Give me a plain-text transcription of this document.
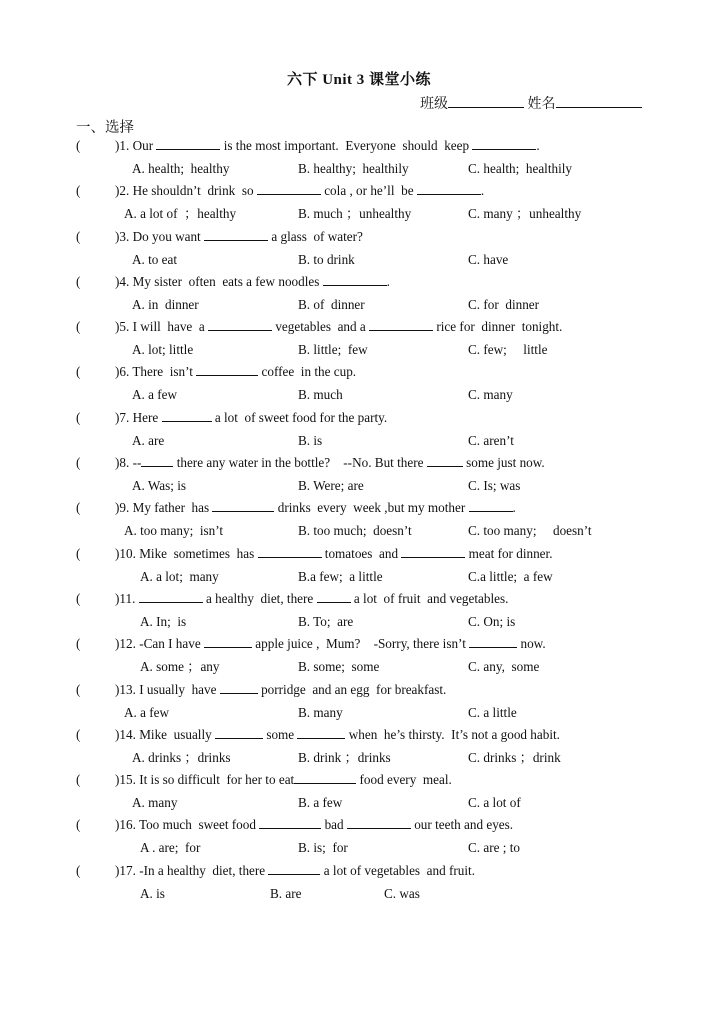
六下 Unit 3 课堂小练
班级	姓名
一、选择
(	)1. Our	is the most important.  Everyone  should  keep	.
A. health;  healthy	B. healthy;  healthily	C. health;  healthily
(	)2. He shouldn’t  drink  so	cola , or he’ll  be	.
A. a lot of  ；healthy	B. much ；unhealthy	C. many ；unhealthy
(	)3. Do you want	a glass  of water?
A. to eat	B. to drink	C. have
(	)4. My sister  often  eats a few noodles	.
A. in  dinner	B. of  dinner	C. for  dinner
(	)5. I will  have  a	vegetables  and a	rice for  dinner  tonight.
A. lot; little	B. little;  few	C. few;     little
(	)6. There  isn’t	coffee  in the cup.
A. a few	B. much	C. many
(	)7. Here	a lot  of sweet food for the party.
A. are	B. is	C. aren’t
(	)8. -- there any water in the bottle?    --No. But there	some just now.
A. Was; is	B. Were; are	C. Is; was
(	)9. My father  has	drinks  every  week ,but my mother	.
A. too many;  isn’t	B. too much;  doesn’t	C. too many;     doesn’t
(	)10. Mike  sometimes  has	tomatoes  and	meat for dinner.
A. a lot;  many	B.a few;  a little	C.a little;  a few
(	)11.	a healthy  diet, there	a lot  of fruit  and vegetables.
A. In;  is	B. To;  are	C. On; is
(	)12. -Can I have	apple juice ,  Mum?    -Sorry, there isn’t	now.
A. some ；any	B. some;  some	C. any,  some
(	)13. I usually  have	porridge  and an egg  for breakfast.
A. a few	B. many	C. a little
(	)14. Mike  usually	some	when  he’s thirsty.  It’s not a good habit.
A. drinks ；drinks	B. drink ；drinks	C. drinks ；drink
(	)15. It is so difficult  for her to eat	food every  meal.
A. many	B. a few	C. a lot of
(	)16. Too much  sweet food	bad	our teeth and eyes.
A . are;  for	B. is;  for	C. are ; to
(	)17. -In a healthy  diet, there	a lot of vegetables  and fruit.
A. is	B. are	C. was
